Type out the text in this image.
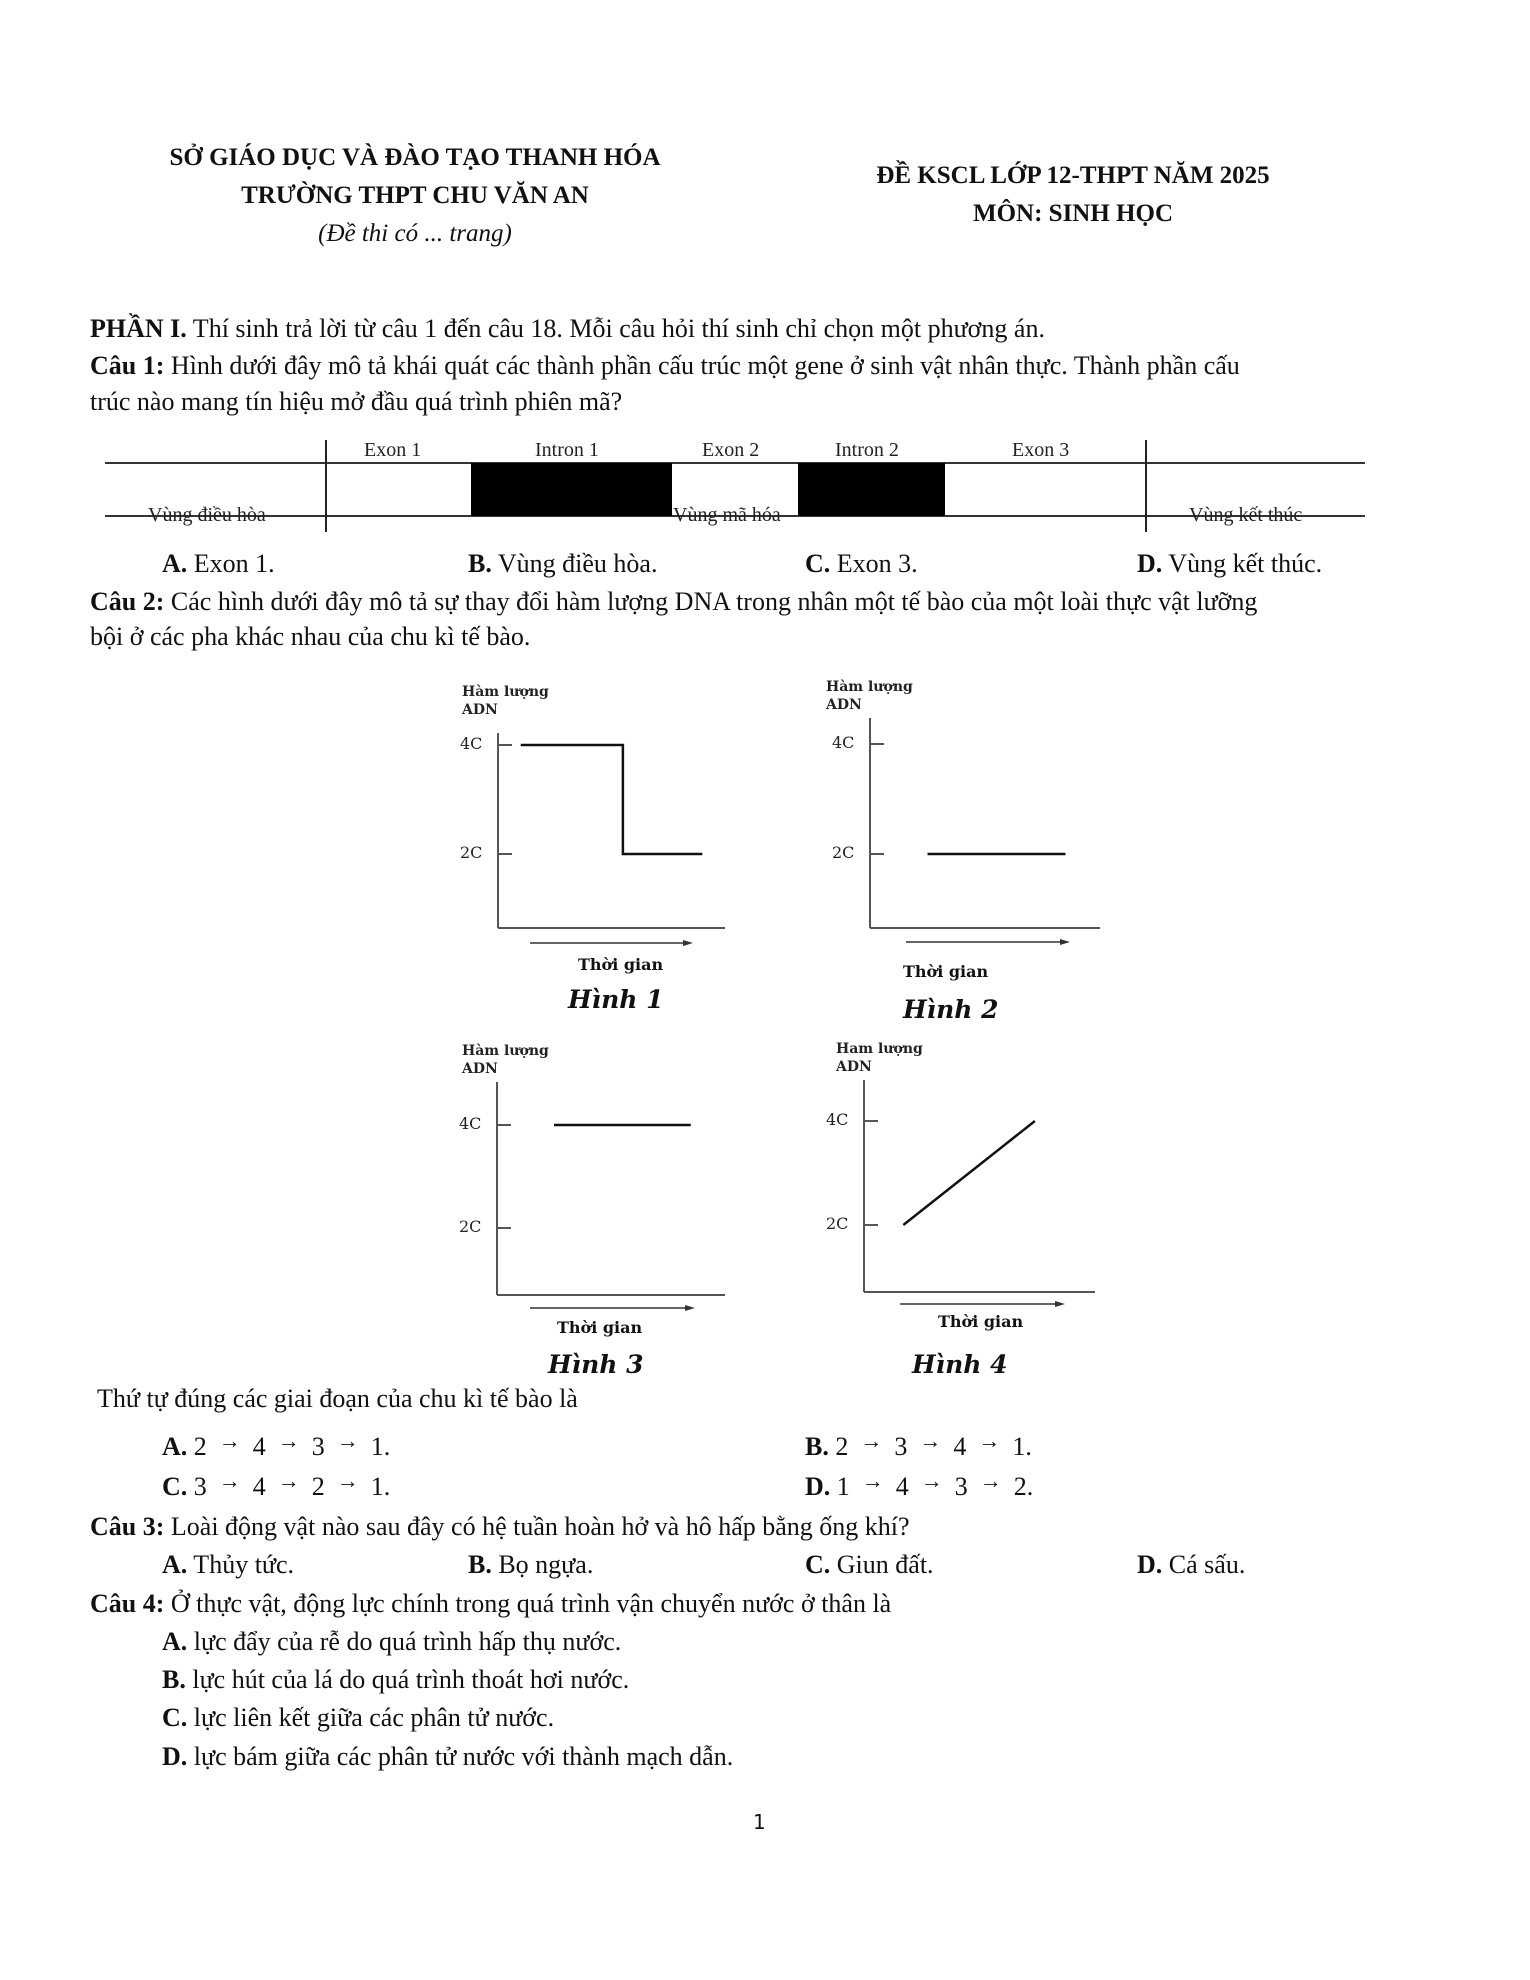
SỞ GIÁO DỤC VÀ ĐÀO TẠO THANH HÓA
TRƯỜNG THPT CHU VĂN AN
(Đề thi có ... trang)
ĐỀ KSCL LỚP 12-THPT NĂM 2025
MÔN: SINH HỌC
PHẦN I. Thí sinh trả lời từ câu 1 đến câu 18. Mỗi câu hỏi thí sinh chỉ chọn một phương án.
Câu 1: Hình dưới đây mô tả khái quát các thành phần cấu trúc một gene ở sinh vật nhân thực. Thành phần cấu
trúc nào mang tín hiệu mở đầu quá trình phiên mã?
Exon 1	Intron 1	Exon 2	Intron 2	Exon 3
Vùng điều hòa	Vùng mã hóa	Vùng kết thúc
A. Exon 1.	B. Vùng điều hòa.	C. Exon 3.	D. Vùng kết thúc.
Câu 2: Các hình dưới đây mô tả sự thay đổi hàm lượng DNA trong nhân một tế bào của một loài thực vật lưỡng
bội ở các pha khác nhau của chu kì tế bào.
Thứ tự đúng các giai đoạn của chu kì tế bào là
A. 2 → 4 → 3 → 1.	B. 2 → 3 → 4 → 1.
C. 3 → 4 → 2 → 1.	D. 1 → 4 → 3 → 2.
Câu 3: Loài động vật nào sau đây có hệ tuần hoàn hở và hô hấp bằng ống khí?
A. Thủy tức.	B. Bọ ngựa.	C. Giun đất.	D. Cá sấu.
Câu 4: Ở thực vật, động lực chính trong quá trình vận chuyển nước ở thân là
A. lực đẩy của rễ do quá trình hấp thụ nước.
B. lực hút của lá do quá trình thoát hơi nước.
C. lực liên kết giữa các phân tử nước.
D. lực bám giữa các phân tử nước với thành mạch dẫn.
1
Hàm lượng
ADN
4C
2C
Thời gian
Hình 1
Hàm lượng
ADN
4C
2C
Thời gian
Hình 2
Hàm lượng
ADN
4C
2C
Thời gian
Hình 3
Ham lượng
ADN
4C
2C
Thời gian
Hình 4
